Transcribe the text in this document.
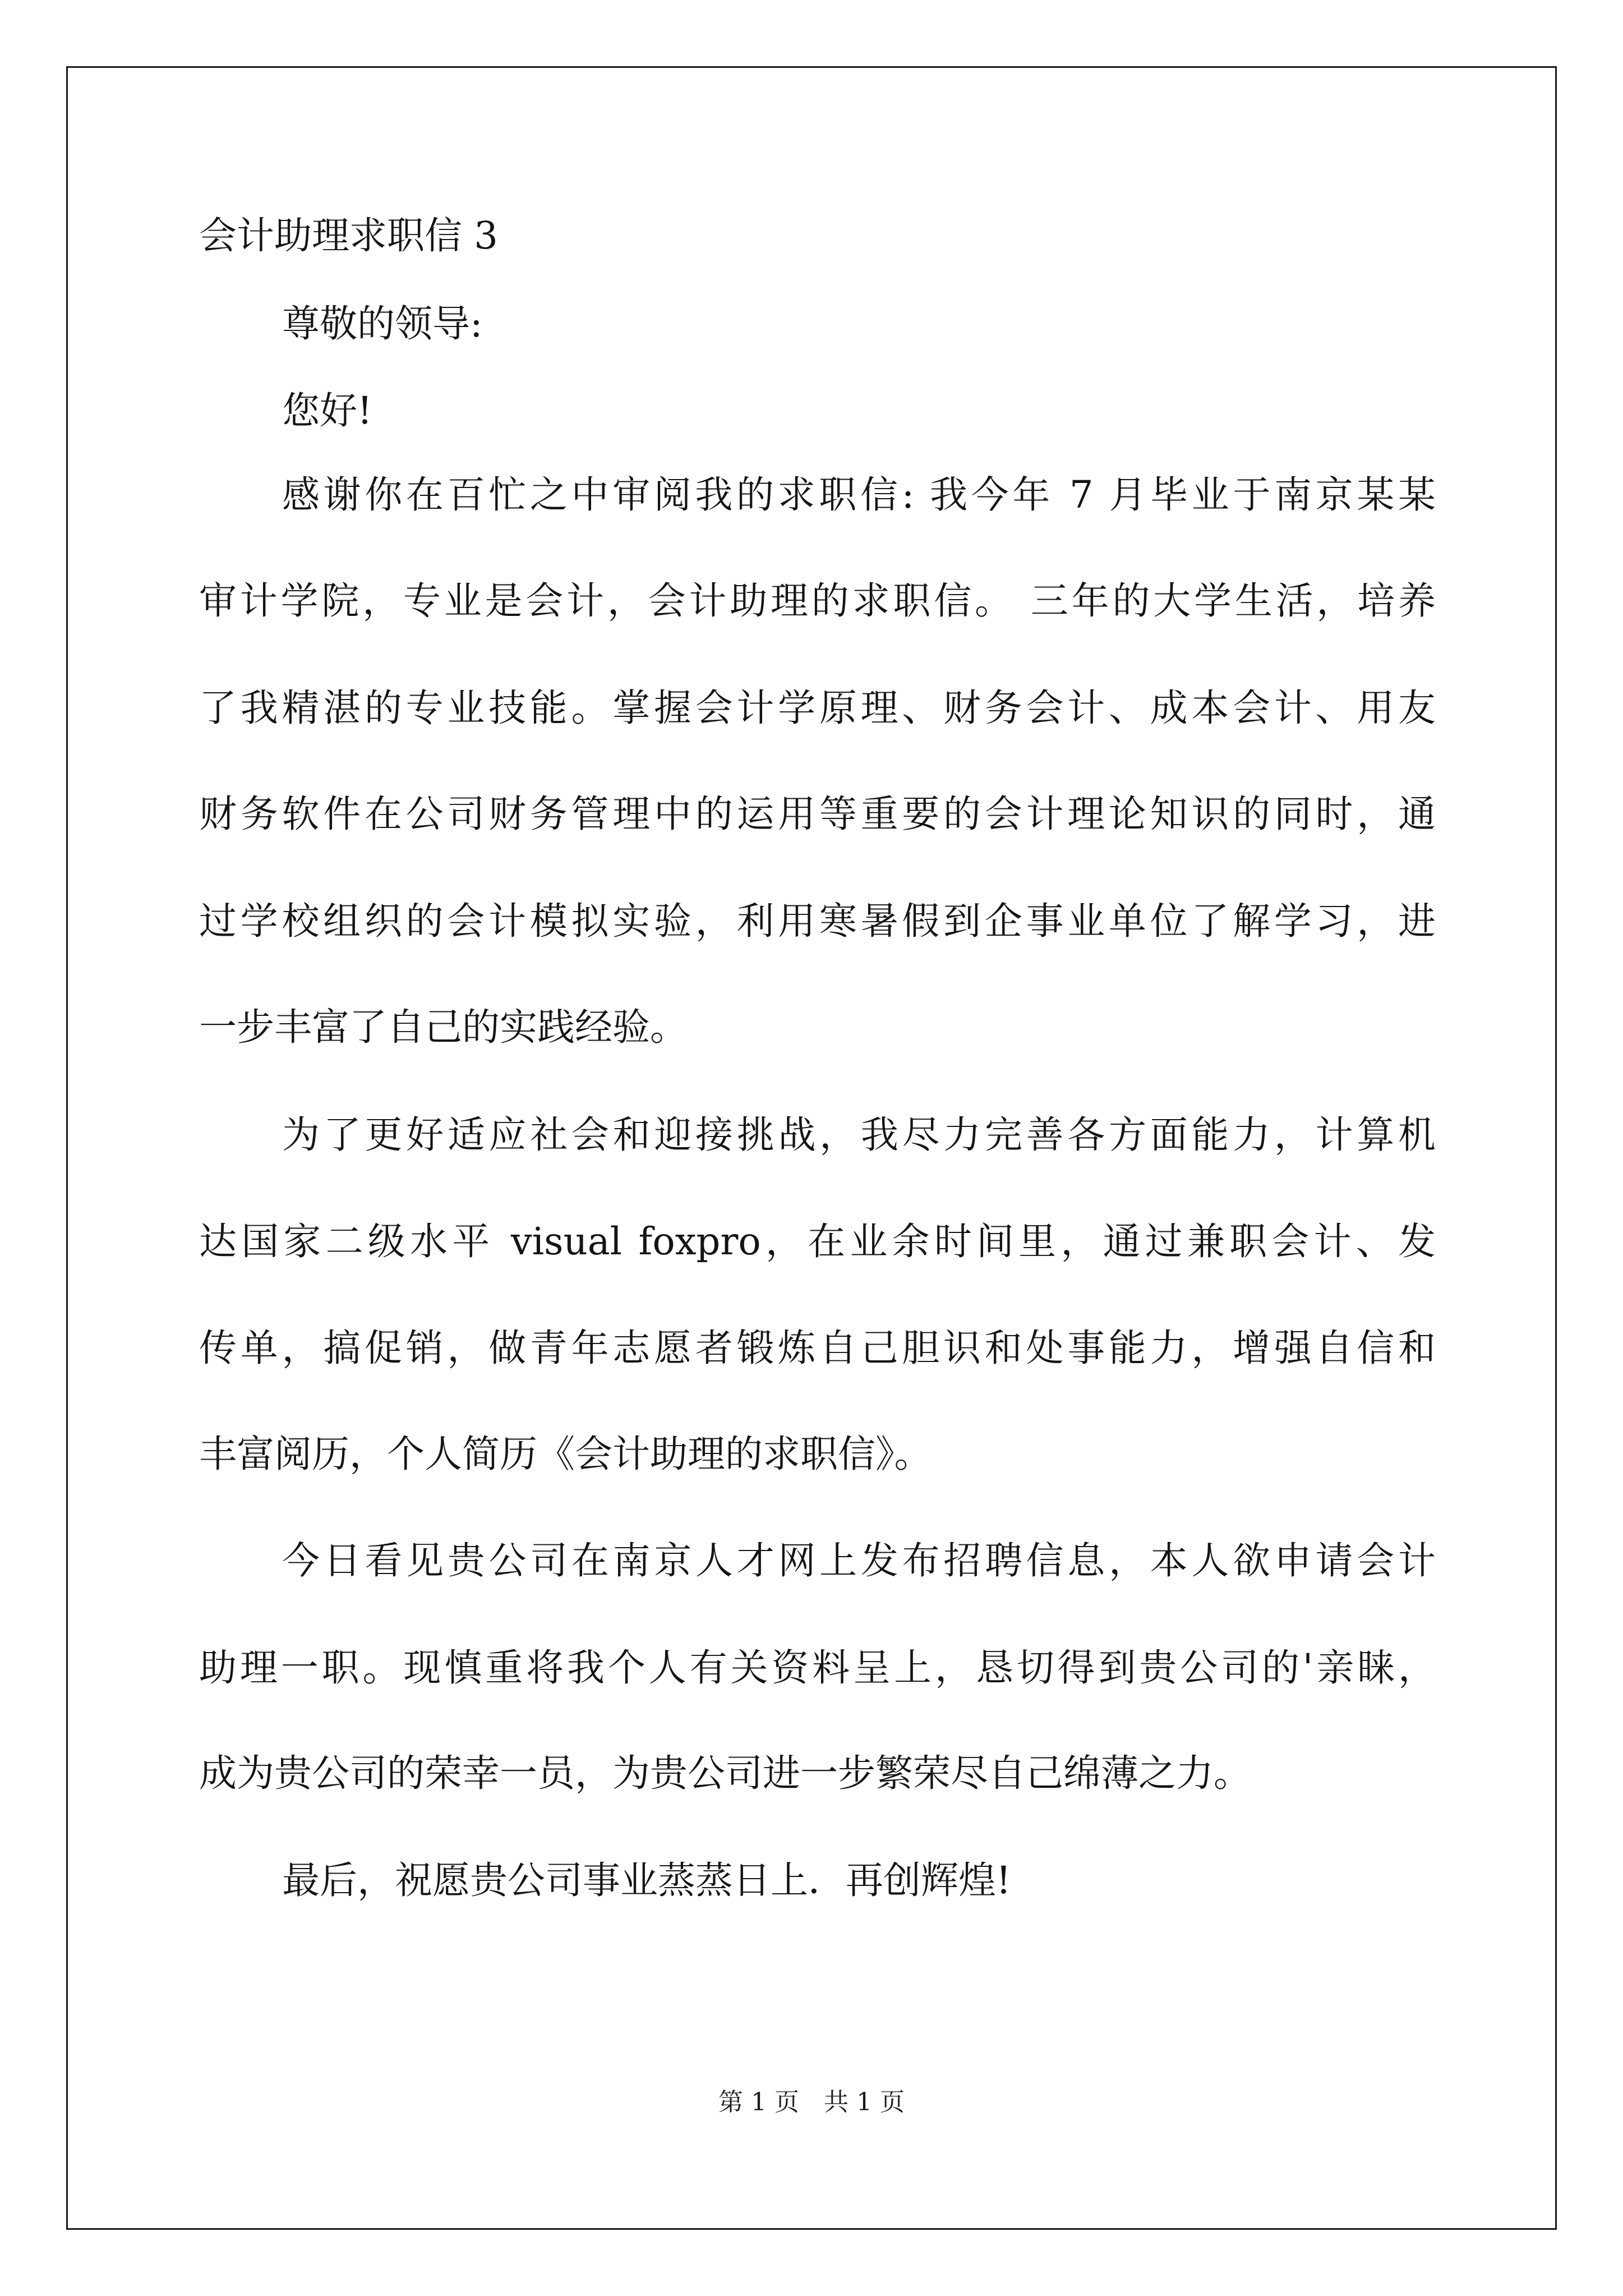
会计助理求职信 3
尊敬的领导:
您好!
感谢你在百忙之中审阅我的求职信: 我今年 7 月毕业于南京某某
审计学院，专业是会计，会计助理的求职信。 三年的大学生活，培养
了我精湛的专业技能。掌握会计学原理、财务会计、成本会计、用友
财务软件在公司财务管理中的运用等重要的会计理论知识的同时，通
过学校组织的会计模拟实验，利用寒暑假到企事业单位了解学习，进
一步丰富了自己的实践经验。
为了更好适应社会和迎接挑战，我尽力完善各方面能力，计算机
达国家二级水平 visual foxpro，在业余时间里，通过兼职会计、发
传单，搞促销，做青年志愿者锻炼自己胆识和处事能力，增强自信和
丰富阅历，个人简历《会计助理的求职信》。
今日看见贵公司在南京人才网上发布招聘信息，本人欲申请会计
助理一职。现慎重将我个人有关资料呈上，恳切得到贵公司的'亲睐，
成为贵公司的荣幸一员，为贵公司进一步繁荣尽自己绵薄之力。
最后，祝愿贵公司事业蒸蒸日上．再创辉煌!
第 1 页　共 1 页
